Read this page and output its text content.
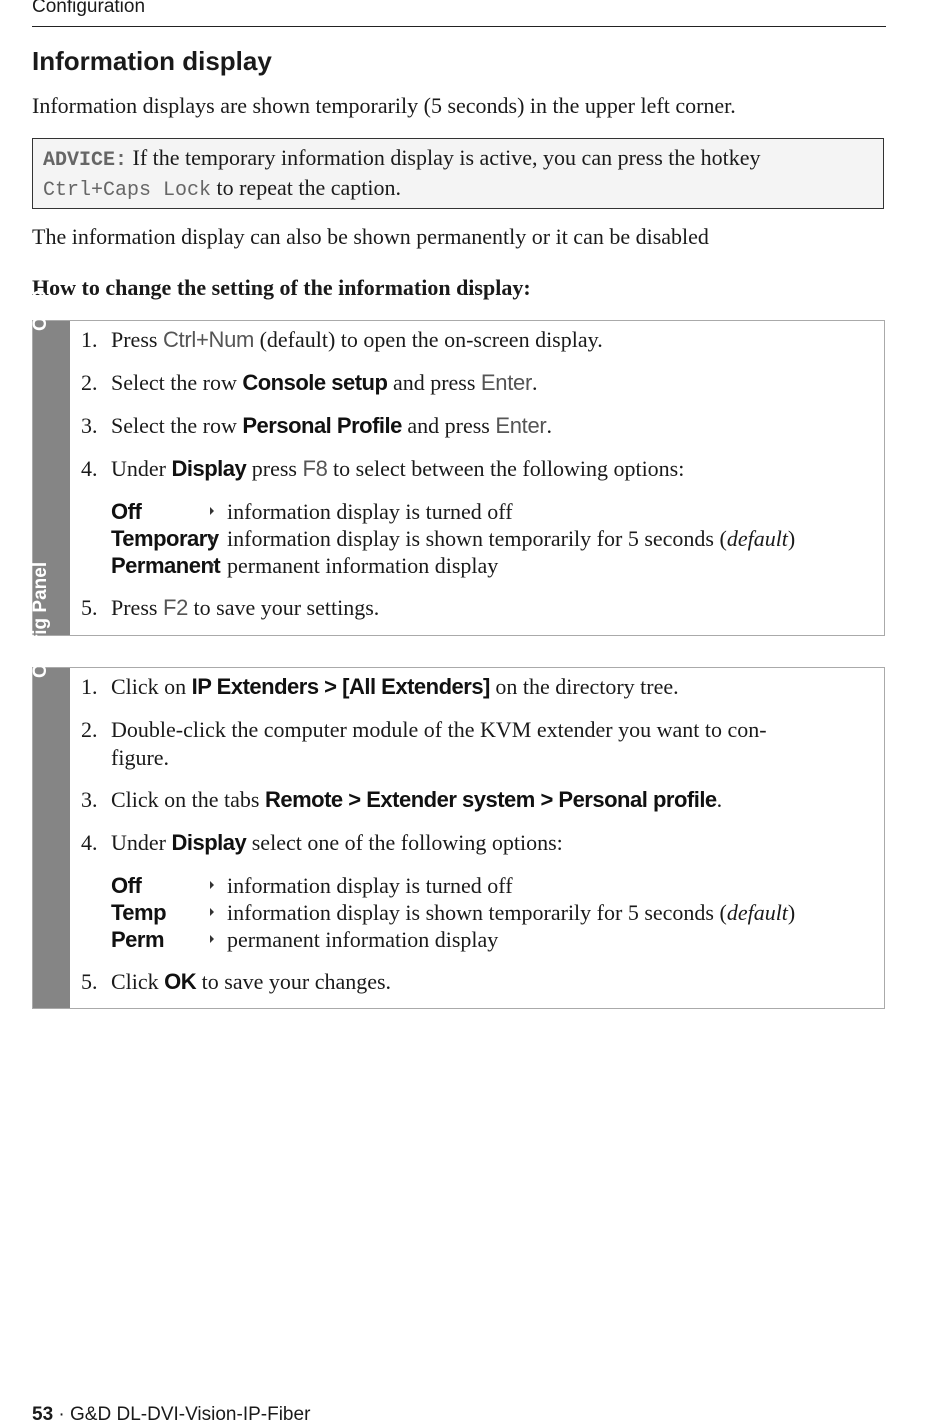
Configuration
Information display

Information displays are shown temporarily (5 seconds) in the upper left corner.

ADVICE: If the temporary information display is active, you can press the hotkey
Ctrl+Caps Lock to repeat the caption.

The information display can also be shown permanently or it can be disabled

How to change the setting of the information display:

OSD
1. Press Ctrl+Num (default) to open the on-screen display.
2. Select the row Console setup and press Enter.
3. Select the row Personal Profile and press Enter.
4. Under Display press F8 to select between the following options:
Off	information display is turned off
Temporary information display is shown temporarily for 5 seconds (default)
Permanent permanent information display
5. Press F2 to save your settings.
Config Panel
1. Click on IP Extenders > [All Extenders] on the directory tree.
2. Double-click the computer module of the KVM extender you want to con-
figure.
3. Click on the tabs Remote > Extender system > Personal profile.
4. Under Display select one of the following options:
Off	information display is turned off
Temp	information display is shown temporarily for 5 seconds (default)
Perm	permanent information display
5. Click OK to save your changes.
53 · G&D DL-DVI-Vision-IP-Fiber
